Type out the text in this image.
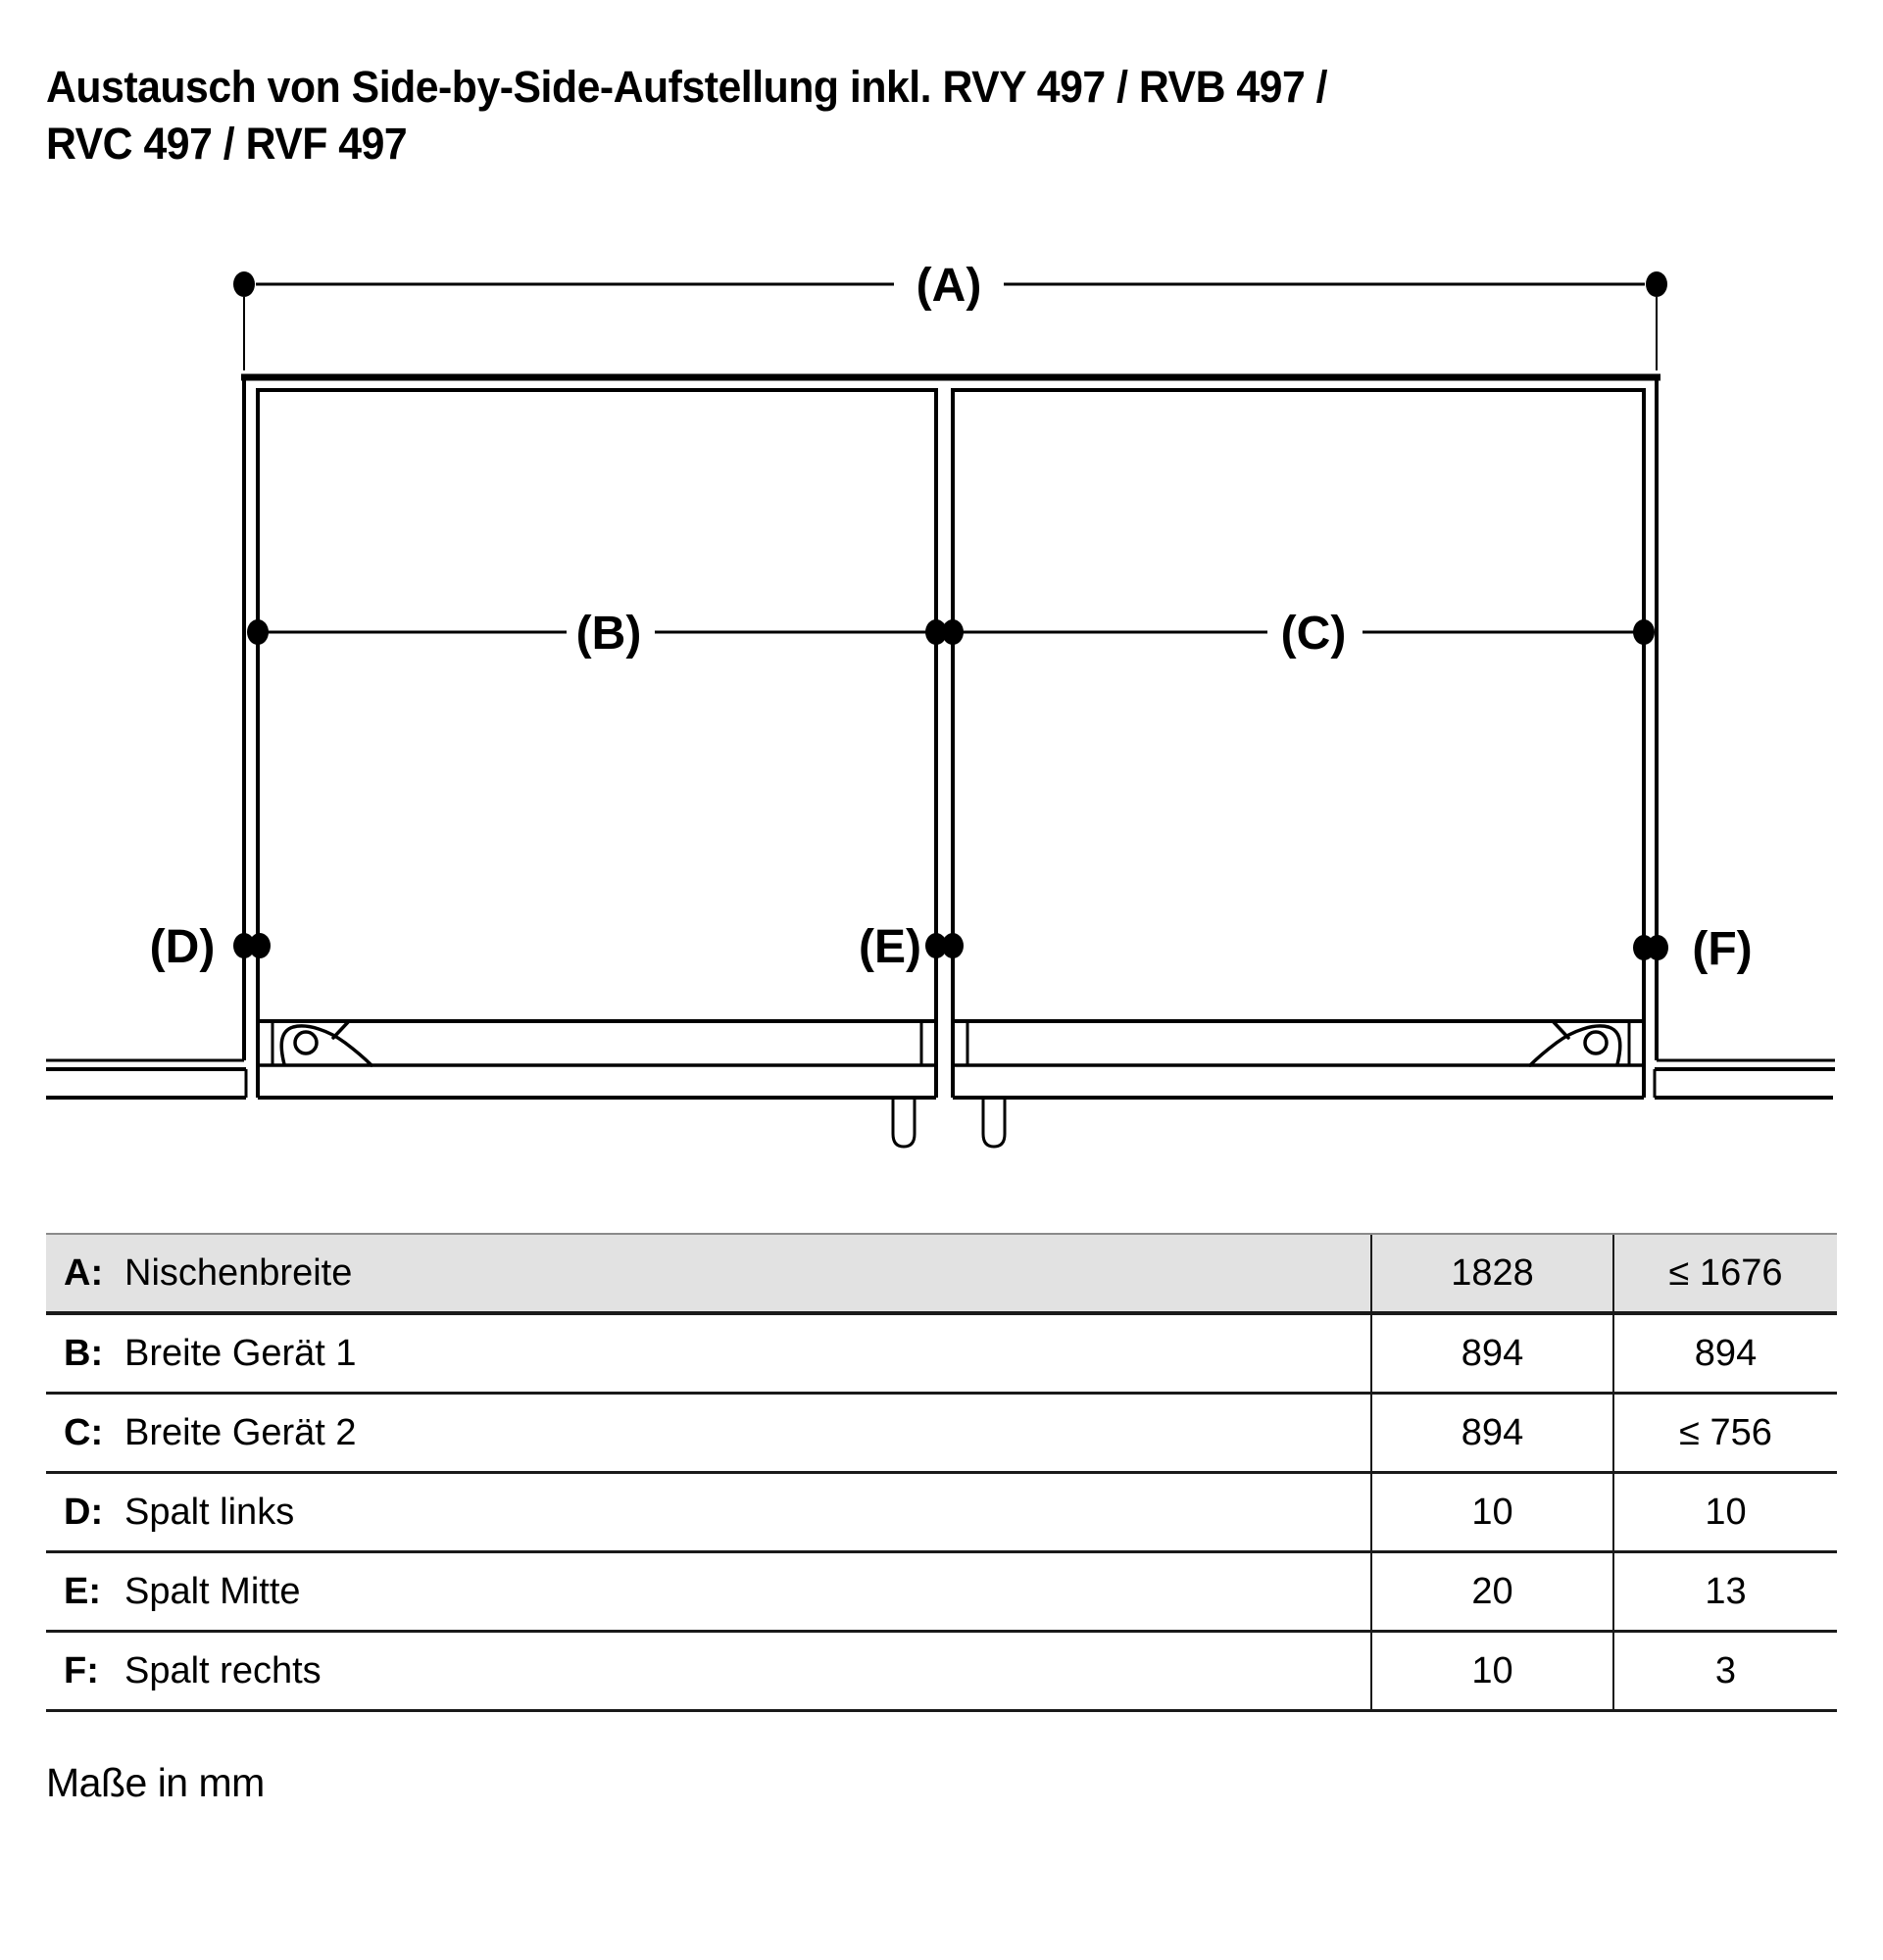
Austausch von Side-by-Side-Aufstellung inkl. RVY 497 / RVB 497 /
RVC 497 / RVF 497
(A)
(B)	(C)
(D)	(E)	(F)
A: Nischenbreite	1828	≤ 1676
B: Breite Gerät 1	894	894
C: Breite Gerät 2	894	≤ 756
D: Spalt links	10	10
E: Spalt Mitte	20	13
F: Spalt rechts	10	3
Maße in mm
